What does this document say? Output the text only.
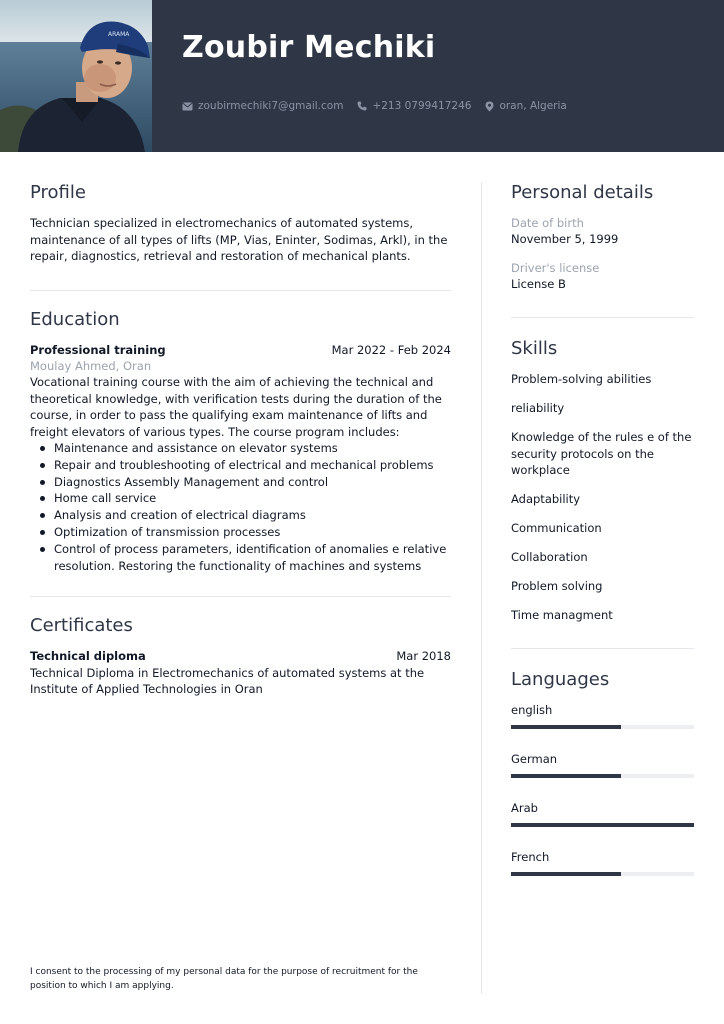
ARAMA Zoubir Mechiki
zoubirmechiki7@gmail.com	+213 0799417246	oran, Algeria
Profile

Technician specialized in electromechanics of automated systems, maintenance of all types of lifts (MP, Vias, Eninter, Sodimas, Arkl), in the repair, diagnostics, retrieval and restoration of mechanical plants.

Education
Professional training	Mar 2022 - Feb 2024
Moulay Ahmed, Oran

Vocational training course with the aim of achieving the technical and theoretical knowledge, with verification tests during the duration of the course, in order to pass the qualifying exam maintenance of lifts and freight elevators of various types. The course program includes:

Maintenance and assistance on elevator systems
Repair and troubleshooting of electrical and mechanical problems
Diagnostics Assembly Management and control
Home call service
Analysis and creation of electrical diagrams
Optimization of transmission processes
Control of process parameters, identification of anomalies e relative resolution. Restoring the functionality of machines and systems
Certificates
Technical diploma	Mar 2018

Technical Diploma in Electromechanics of automated systems at the Institute of Applied Technologies in Oran

I consent to the processing of my personal data for the purpose of recruitment for the position to which I am applying.
Personal details
Date of birth
November 5, 1999
Driver's license
License B
Skills
Problem-solving abilities
reliability
Knowledge of the rules e of the security protocols on the workplace
Adaptability
Communication
Collaboration
Problem solving
Time managment
Languages
english
German
Arab
French
